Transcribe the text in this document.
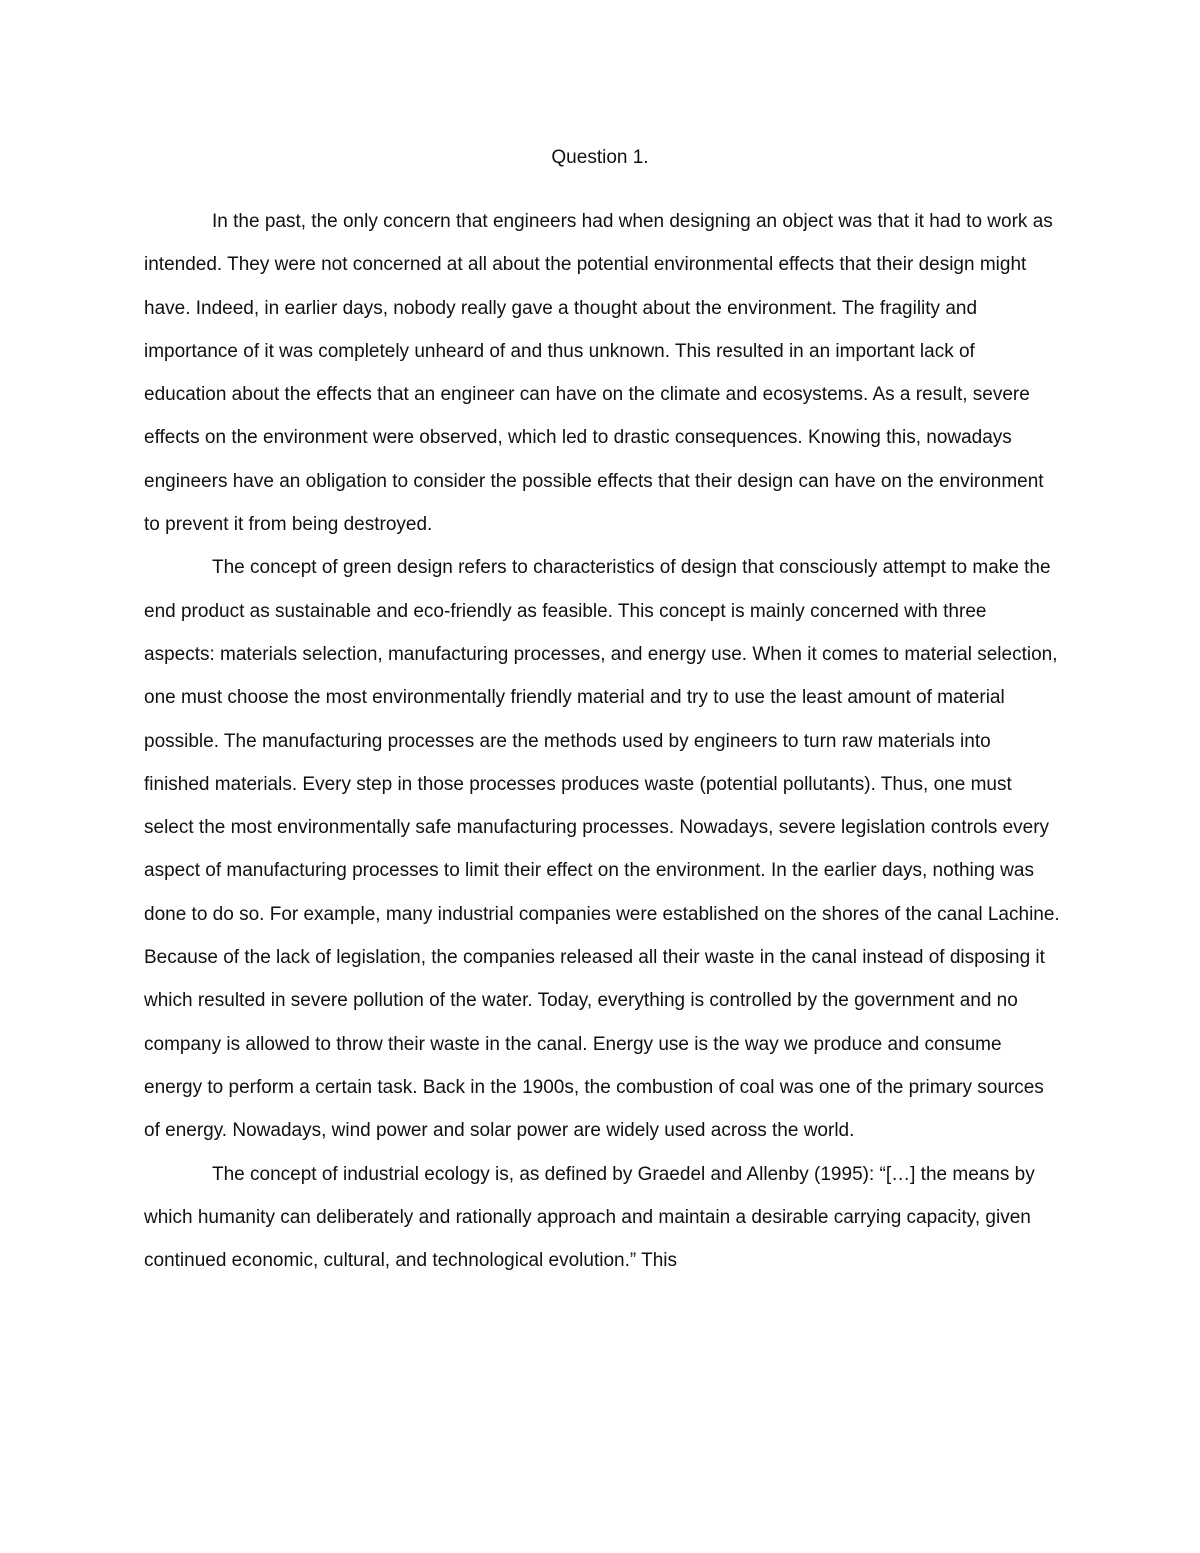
Question 1.

In the past, the only concern that engineers had when designing an object was that it had to work as intended. They were not concerned at all about the potential environmental effects that their design might have. Indeed, in earlier days, nobody really gave a thought about the environment. The fragility and importance of it was completely unheard of and thus unknown. This resulted in an important lack of education about the effects that an engineer can have on the climate and ecosystems. As a result, severe effects on the environment were observed, which led to drastic consequences. Knowing this, nowadays engineers have an obligation to consider the possible effects that their design can have on the environment to prevent it from being destroyed.

The concept of green design refers to characteristics of design that consciously attempt to make the end product as sustainable and eco-friendly as feasible. This concept is mainly concerned with three aspects: materials selection, manufacturing processes, and energy use. When it comes to material selection, one must choose the most environmentally friendly material and try to use the least amount of material possible. The manufacturing processes are the methods used by engineers to turn raw materials into finished materials. Every step in those processes produces waste (potential pollutants). Thus, one must select the most environmentally safe manufacturing processes. Nowadays, severe legislation controls every aspect of manufacturing processes to limit their effect on the environment. In the earlier days, nothing was done to do so. For example, many industrial companies were established on the shores of the canal Lachine. Because of the lack of legislation, the companies released all their waste in the canal instead of disposing it which resulted in severe pollution of the water. Today, everything is controlled by the government and no company is allowed to throw their waste in the canal. Energy use is the way we produce and consume energy to perform a certain task. Back in the 1900s, the combustion of coal was one of the primary sources of energy. Nowadays, wind power and solar power are widely used across the world.

The concept of industrial ecology is, as defined by Graedel and Allenby (1995): “[…] the means by which humanity can deliberately and rationally approach and maintain a desirable carrying capacity, given continued economic, cultural, and technological evolution.” This
